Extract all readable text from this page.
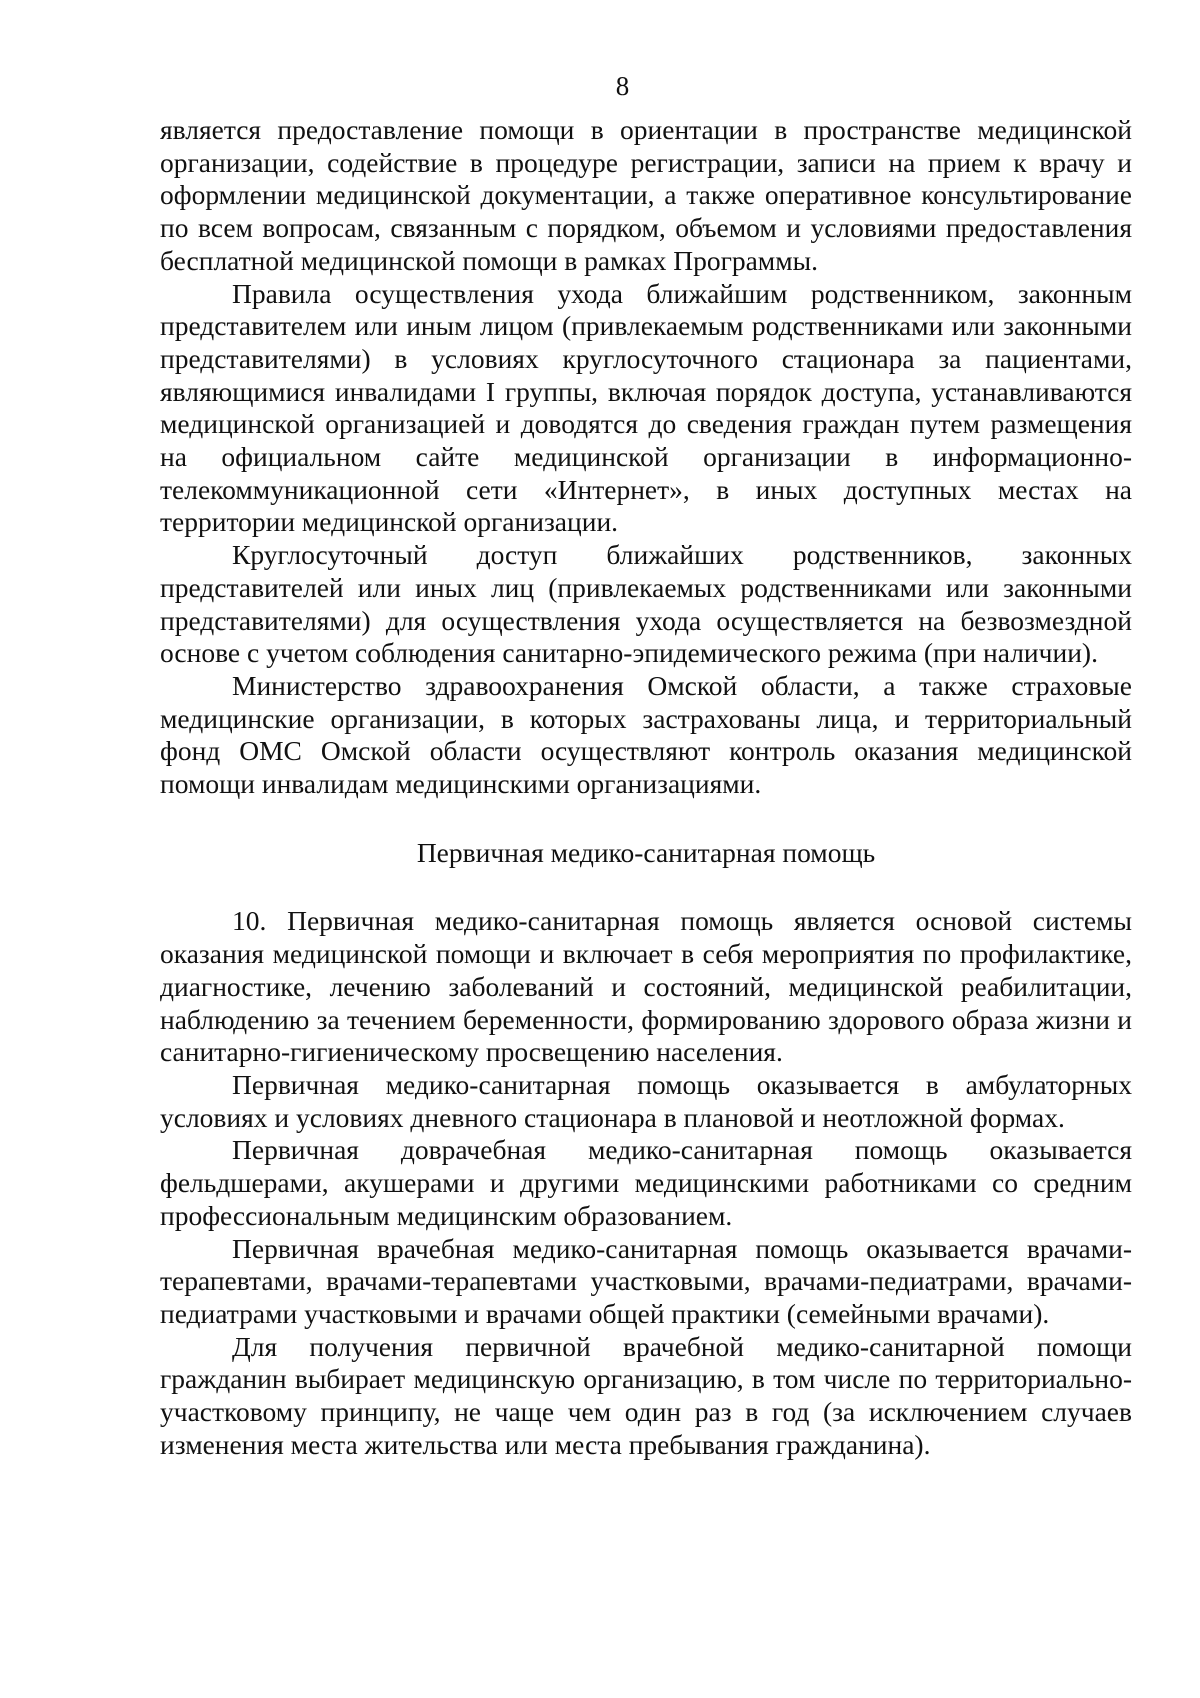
8

является предоставление помощи в ориентации в пространстве медицинской организации, содействие в процедуре регистрации, записи на прием к врачу и оформлении медицинской документации, а также оперативное консультирование по всем вопросам, связанным с порядком, объемом и условиями предоставления бесплатной медицинской помощи в рамках Программы.

Правила осуществления ухода ближайшим родственником, законным представителем или иным лицом (привлекаемым родственниками или законными представителями) в условиях круглосуточного стационара за пациентами, являющимися инвалидами I группы, включая порядок доступа, устанавливаются медицинской организацией и доводятся до сведения граждан путем размещения на официальном сайте медицинской организации в информационно-телекоммуникационной сети «Интернет», в иных доступных местах на территории медицинской организации.

Круглосуточный доступ ближайших родственников, законных представителей или иных лиц (привлекаемых родственниками или законными представителями) для осуществления ухода осуществляется на безвозмездной основе с учетом соблюдения санитарно-эпидемического режима (при наличии).

Министерство здравоохранения Омской области, а также страховые медицинские организации, в которых застрахованы лица, и территориальный фонд ОМС Омской области осуществляют контроль оказания медицинской помощи инвалидам медицинскими организациями.

Первичная медико-санитарная помощь

10. Первичная медико-санитарная помощь является основой системы оказания медицинской помощи и включает в себя мероприятия по профилактике, диагностике, лечению заболеваний и состояний, медицинской реабилитации, наблюдению за течением беременности, формированию здорового образа жизни и санитарно-гигиеническому просвещению населения.

Первичная медико-санитарная помощь оказывается в амбулаторных условиях и условиях дневного стационара в плановой и неотложной формах.

Первичная доврачебная медико-санитарная помощь оказывается фельдшерами, акушерами и другими медицинскими работниками со средним профессиональным медицинским образованием.

Первичная врачебная медико-санитарная помощь оказывается врачами-терапевтами, врачами-терапевтами участковыми, врачами-педиатрами, врачами-педиатрами участковыми и врачами общей практики (семейными врачами).

Для получения первичной врачебной медико-санитарной помощи гражданин выбирает медицинскую организацию, в том числе по территориально-участковому принципу, не чаще чем один раз в год (за исключением случаев изменения места жительства или места пребывания гражданина).
